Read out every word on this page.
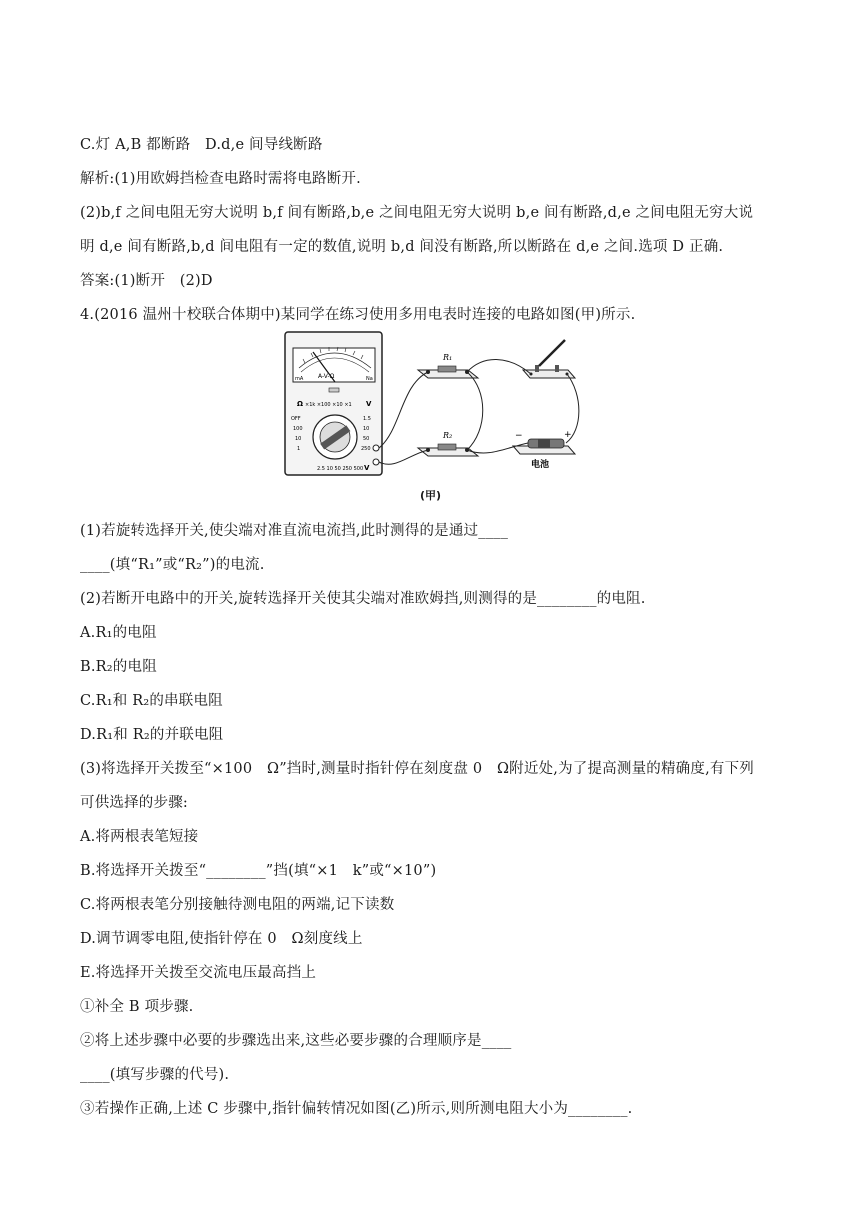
C.灯 A,B 都断路　D.d,e 间导线断路
解析:(1)用欧姆挡检查电路时需将电路断开.
(2)b,f 之间电阻无穷大说明 b,f 间有断路,b,e 之间电阻无穷大说明 b,e 间有断路,d,e 之间电阻无穷大说
明 d,e 间有断路,b,d 间电阻有一定的数值,说明 b,d 间没有断路,所以断路在 d,e 之间.选项 D 正确.
答案:(1)断开　(2)D
4.(2016 温州十校联合体期中)某同学在练习使用多用电表时连接的电路如图(甲)所示.
A-V-Ω	Na
mA
Ω ×1k ×100 ×10 ×1
OFF
100
10
1
1.5
10
50
250
2.5 10 50 250 500 V
V
R₁
R₂	−	+
电池
(甲)
(1)若旋转选择开关,使尖端对准直流电流挡,此时测得的是通过____
____(填“R₁”或“R₂”)的电流.
(2)若断开电路中的开关,旋转选择开关使其尖端对准欧姆挡,则测得的是________的电阻.
A.R₁的电阻
B.R₂的电阻
C.R₁和 R₂的串联电阻
D.R₁和 R₂的并联电阻
(3)将选择开关拨至“×100　Ω”挡时,测量时指针停在刻度盘 0　Ω附近处,为了提高测量的精确度,有下列
可供选择的步骤:
A.将两根表笔短接
B.将选择开关拨至“________”挡(填“×1　k”或“×10”)
C.将两根表笔分别接触待测电阻的两端,记下读数
D.调节调零电阻,使指针停在 0　Ω刻度线上
E.将选择开关拨至交流电压最高挡上
①补全 B 项步骤.
②将上述步骤中必要的步骤选出来,这些必要步骤的合理顺序是____
____(填写步骤的代号).
③若操作正确,上述 C 步骤中,指针偏转情况如图(乙)所示,则所测电阻大小为________.
